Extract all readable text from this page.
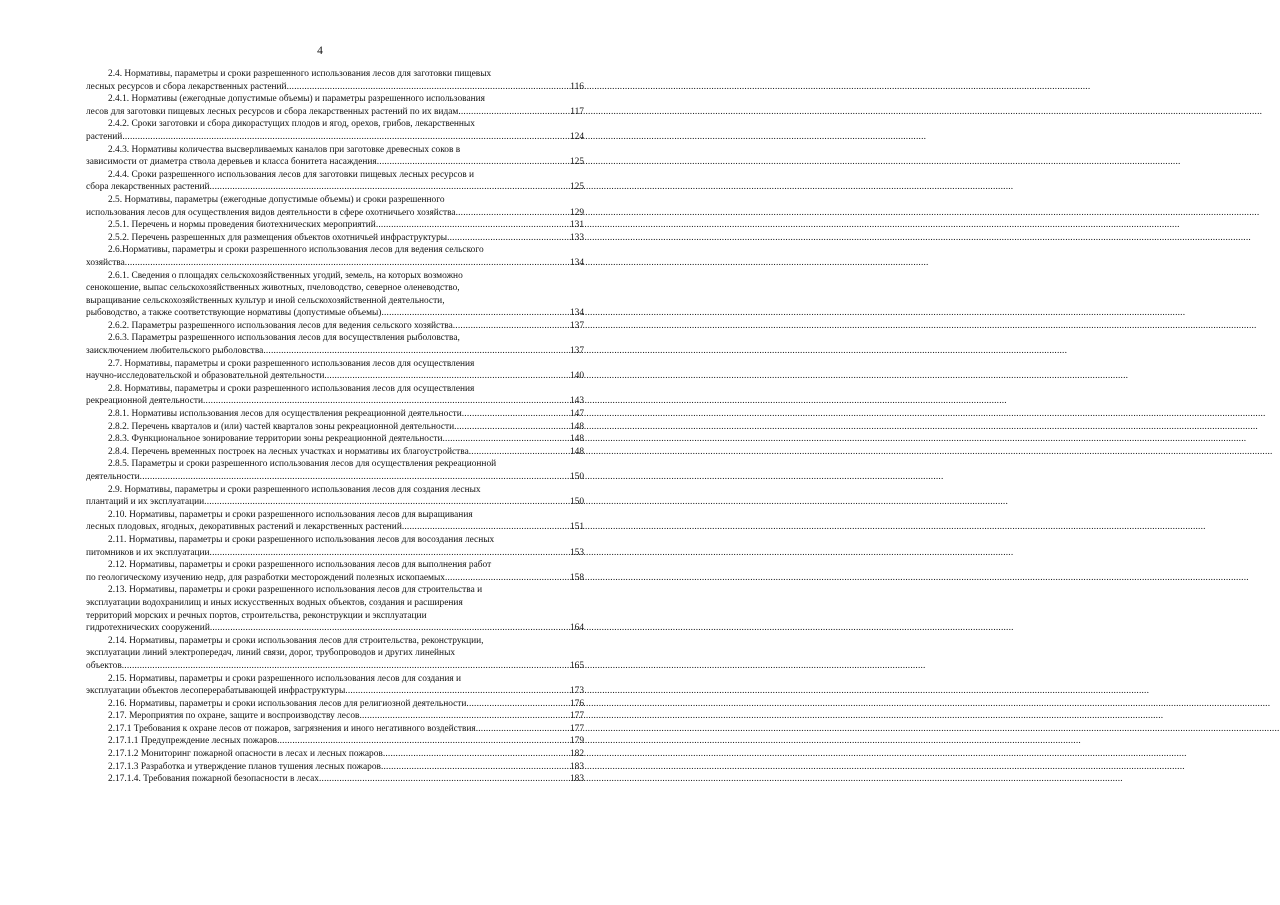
4
2.4. Нормативы, параметры и сроки разрешенного использования лесов для заготовки пищевых
лесных ресурсов и сбора лекарственных растений .....	116
2.4.1. Нормативы (ежегодные допустимые объемы) и параметры разрешенного использования
лесов для заготовки пищевых лесных ресурсов и сбора лекарственных растений по их видам .....	117
2.4.2. Сроки заготовки и сбора дикорастущих плодов и ягод, орехов, грибов, лекарственных
растений .....	124
2.4.3. Нормативы количества высверливаемых каналов при заготовке древесных соков в
зависимости от диаметра ствола деревьев и класса бонитета насаждения .....	125
2.4.4. Сроки разрешенного использования лесов для заготовки пищевых лесных ресурсов и
сбора лекарственных растений .....	125
2.5. Нормативы, параметры (ежегодные допустимые объемы) и сроки разрешенного
использования лесов для осуществления видов деятельности в сфере охотничьего хозяйства .....	129
2.5.1. Перечень и нормы проведения биотехнических мероприятий .....	131
2.5.2. Перечень разрешенных для размещения объектов охотничьей инфраструктуры .....	133
2.6.Нормативы, параметры и сроки разрешенного использования лесов для ведения сельского
хозяйства .....	134
2.6.1. Сведения о площадях сельскохозяйственных угодий, земель, на которых возможно
сенокошение, выпас сельскохозяйственных животных, пчеловодство, северное оленеводство,
выращивание сельскохозяйственных культур и иной сельскохозяйственной деятельности,
рыбоводство, а также соответствующие нормативы (допустимые объемы) .....	134
2.6.2. Параметры разрешенного использования лесов для ведения сельского хозяйства .....	137
2.6.3. Параметры разрешенного использования лесов для восуществления рыболовства,
заисключением любительского рыболовства .....	137
2.7. Нормативы, параметры и сроки разрешенного использования лесов для осуществления
научно-исследовательской и образовательной деятельности .....	140
2.8. Нормативы, параметры и сроки разрешенного использования лесов для осуществления
рекреационной деятельности .....	143
2.8.1. Нормативы использования лесов для осуществления рекреационной деятельности .....	147
2.8.2. Перечень кварталов и (или) частей кварталов зоны рекреационной деятельности .....	148
2.8.3. Функциональное зонирование территории зоны рекреационной деятельности .....	148
2.8.4. Перечень временных построек на лесных участках и нормативы их благоустройства .....	148
2.8.5. Параметры и сроки разрешенного использования лесов для осуществления рекреационной
деятельности .....	150
2.9. Нормативы, параметры и сроки разрешенного использования лесов для создания лесных
плантаций и их эксплуатации .....	150
2.10. Нормативы, параметры и сроки разрешенного использования лесов для выращивания
лесных плодовых, ягодных, декоративных растений и лекарственных растений .....	151
2.11. Нормативы, параметры и сроки разрешенного использования лесов для восоздания лесных
питомников и их эксплуатации .....	153
2.12. Нормативы, параметры и сроки разрешенного использования лесов для выполнения работ
по геологическому изучению недр, для разработки месторождений полезных ископаемых .....	158
2.13. Нормативы, параметры и сроки разрешенного использования лесов для строительства и
эксплуатации водохранилищ и иных искусственных водных объектов, создания и расширения
территорий морских и речных портов, строительства, реконструкции и эксплуатации
гидротехнических сооружений .....	164
2.14. Нормативы, параметры и сроки использования лесов для строительства, реконструкции,
эксплуатации линий электропередач, линий связи, дорог, трубопроводов и других линейных
объектов .....	165
2.15. Нормативы, параметры и сроки разрешенного использования лесов для создания и
эксплуатации объектов лесоперерабатывающей инфраструктуры .....	173
2.16. Нормативы, параметры и сроки использования лесов для религиозной деятельности .....	176
2.17. Мероприятия по охране, защите и воспроизводству лесов .....	177
2.17.1 Требования к охране лесов от пожаров, загрязнения и иного негативного воздействия .....	177
2.17.1.1 Предупреждение лесных пожаров .....	179
2.17.1.2 Мониторинг пожарной опасности в лесах и лесных пожаров .....	182
2.17.1.3 Разработка и утверждение планов тушения лесных пожаров .....	183
2.17.1.4. Требования пожарной безопасности в лесах .....	183
